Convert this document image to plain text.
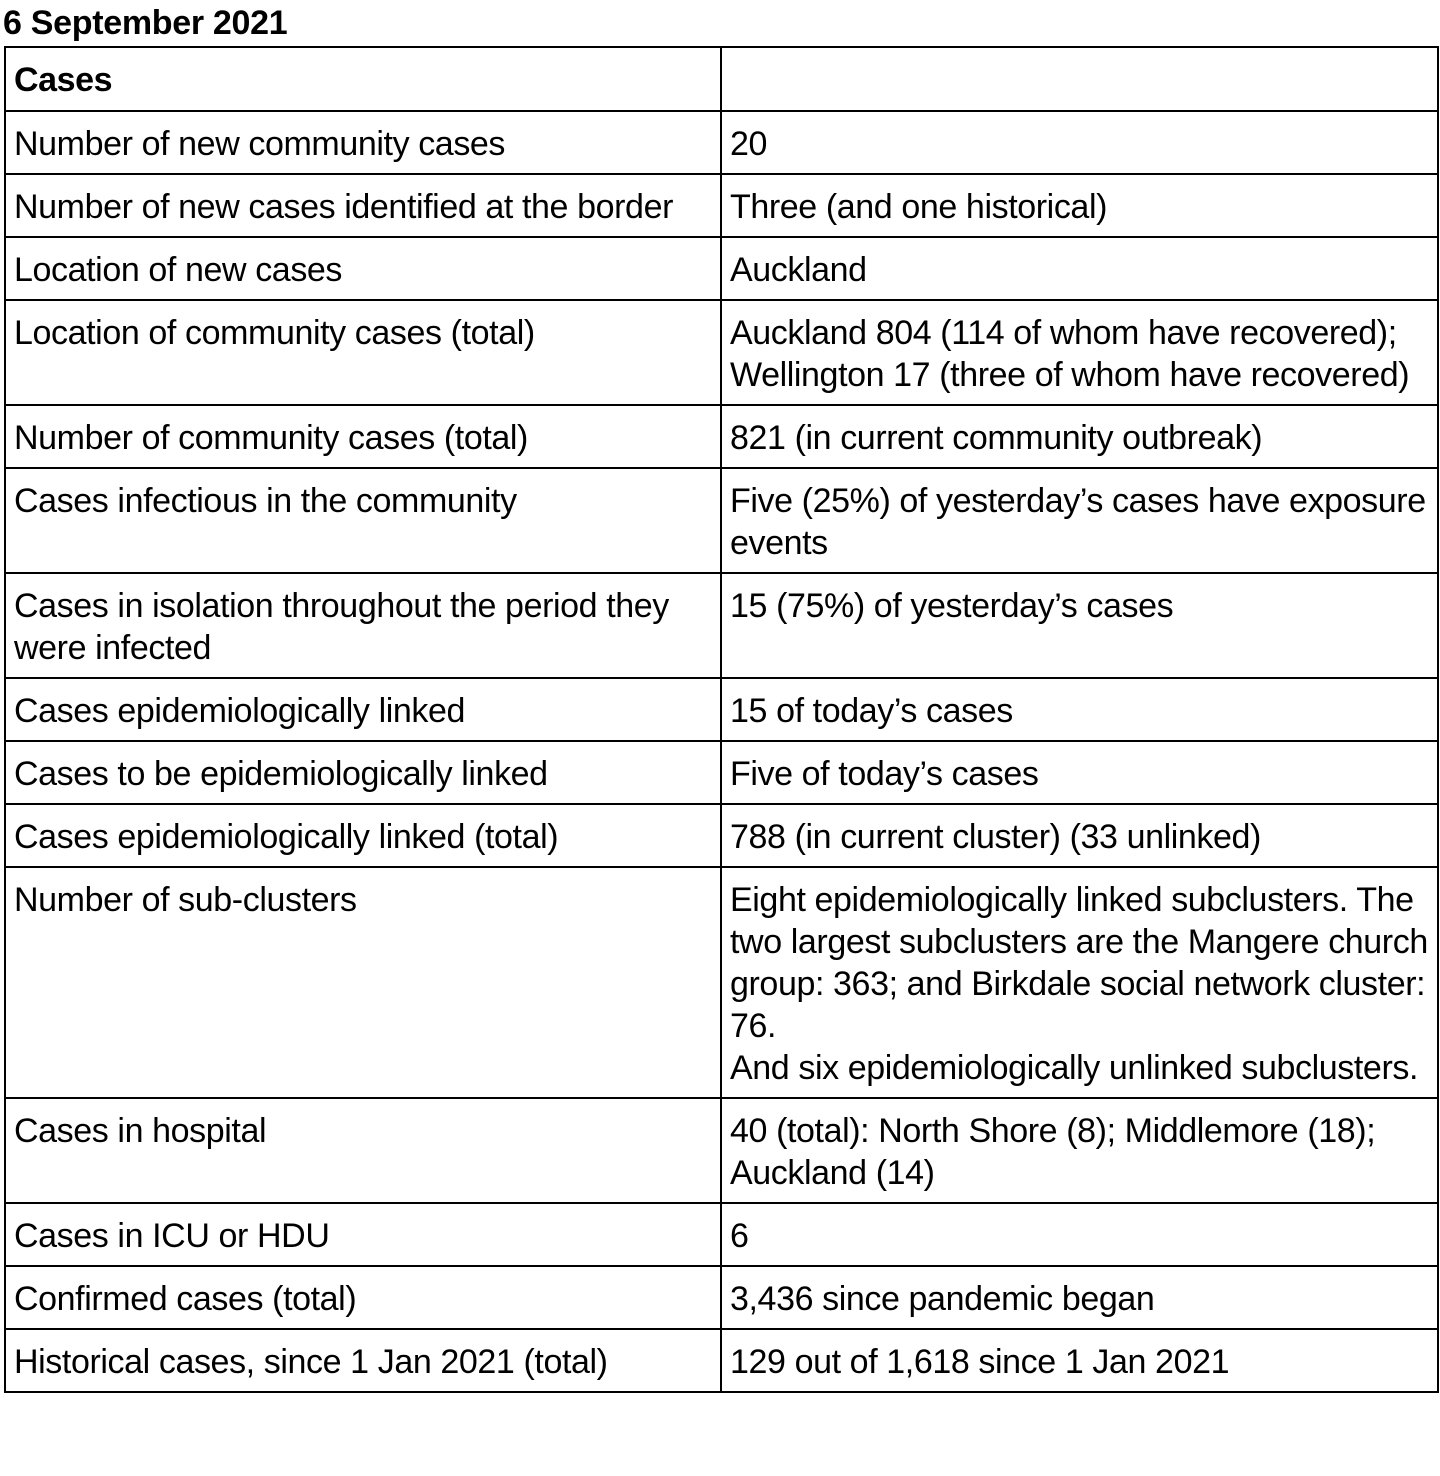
6 September 2021
Cases	
Number of new community cases	20
Number of new cases identified at the border	Three (and one historical)
Location of new cases	Auckland
Location of community cases (total)	Auckland 804 (114 of whom have recovered); Wellington 17 (three of whom have recovered)
Number of community cases (total)	821 (in current community outbreak)
Cases infectious in the community	Five (25%) of yesterday’s cases have exposure events
Cases in isolation throughout the period they were infected	15 (75%) of yesterday’s cases
Cases epidemiologically linked	15 of today’s cases
Cases to be epidemiologically linked	Five of today’s cases
Cases epidemiologically linked (total)	788 (in current cluster) (33 unlinked)
Number of sub-clusters	Eight epidemiologically linked subclusters. The two largest subclusters are the Mangere church group: 363; and Birkdale social network cluster: 76.
And six epidemiologically unlinked subclusters.

Cases in hospital	40 (total): North Shore (8); Middlemore (18); Auckland (14)
Cases in ICU or HDU	6
Confirmed cases (total)	3,436 since pandemic began
Historical cases, since 1 Jan 2021 (total)	129 out of 1,618 since 1 Jan 2021
